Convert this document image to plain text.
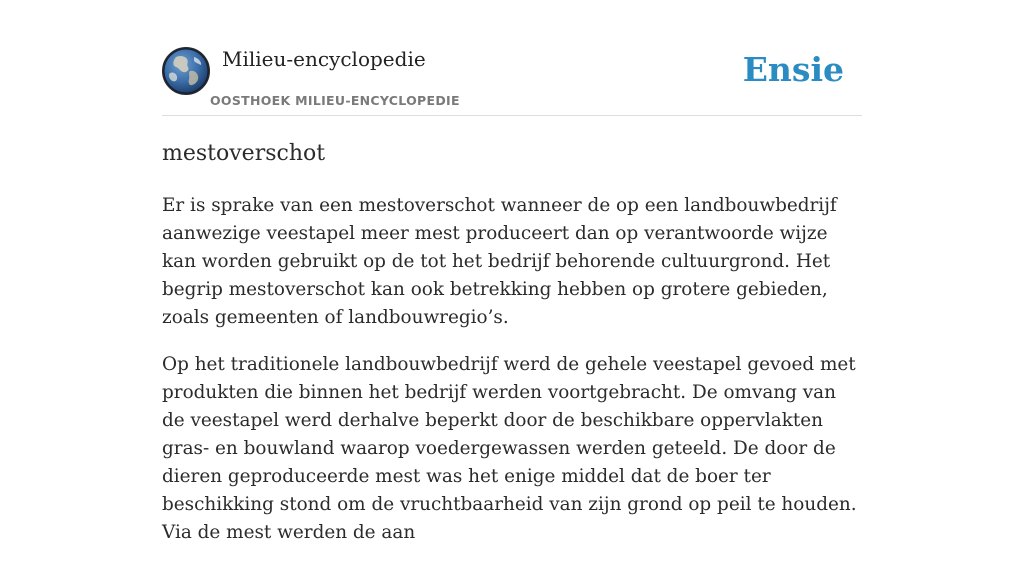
Milieu-encyclopedie
OOSTHOEK MILIEU-ENCYCLOPEDIE
Ensie
mestoverschot

Er is sprake van een mestoverschot wanneer de op een landbouwbedrijf aanwezige veestapel meer mest produceert dan op verantwoorde wijze kan worden gebruikt op de tot het bedrijf behorende cultuurgrond. Het begrip mestoverschot kan ook betrekking hebben op grotere gebieden, zoals gemeenten of landbouwregio’s.

Op het traditionele landbouwbedrijf werd de gehele veestapel gevoed met produkten die binnen het bedrijf werden voortgebracht. De omvang van de veestapel werd derhalve beperkt door de beschikbare oppervlakten gras- en bouwland waarop voedergewassen werden geteeld. De door de dieren geproduceerde mest was het enige middel dat de boer ter beschikking stond om de vruchtbaarheid van zijn grond op peil te houden. Via de mest werden de aan
